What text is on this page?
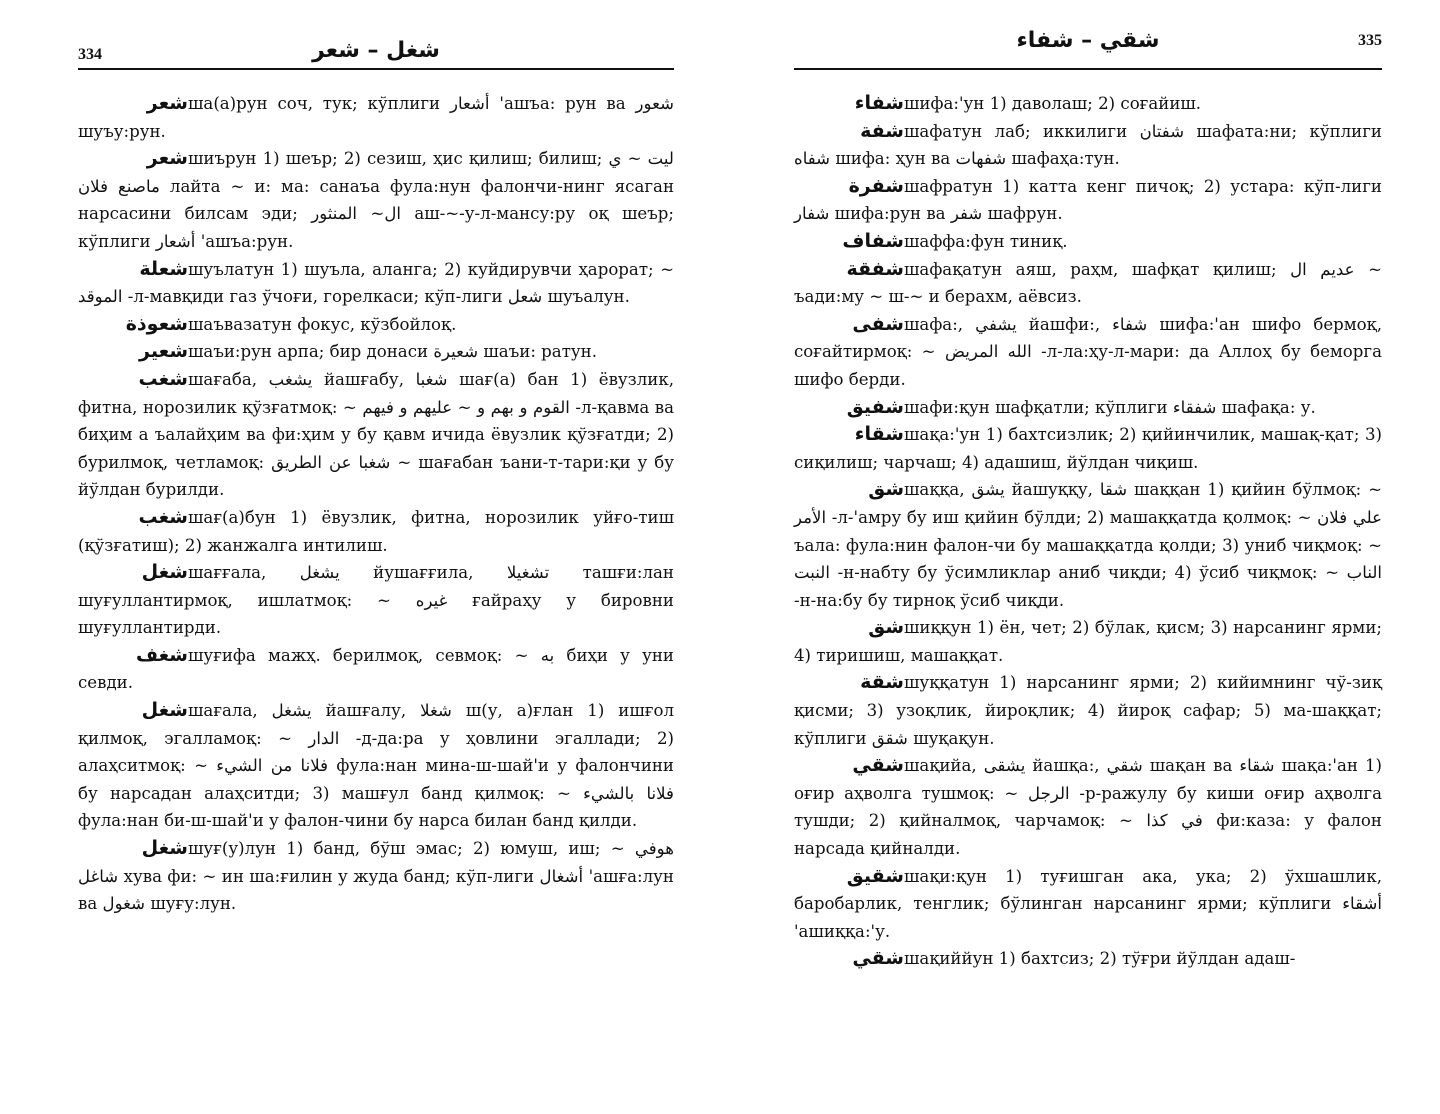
334	شغل – شعر

شعرша(а)рун соч, тук; кўплиги أشعار 'ашъа: рун ва شعور шуъу:рун.

شعرшиърун 1) шеър; 2) сезиш, ҳис қилиш; билиш; ليت ~ ي ماصنع فلان лайта ~ и: ма: санаъа фула:нун фалончи-нинг ясаган нарсасини билсам эди; ال~ المنثور аш-~-у-л-мансу:ру оқ шеър; кўплиги أشعار 'ашъа:рун.

شعلةшуълатун 1) шуъла, аланга; 2) куйдирувчи ҳарорат; ~ الموقد -л-мавқиди газ ўчоғи, горелкаси; кўп-лиги شعل шуъалун.

شعوذةшаъвазатун фокус, кўзбойлоқ.

شعيرшаъи:рун арпа; бир донаси شعيرة шаъи: ратун.

شغبшағаба, يشغب йашғабу, شغبا шағ(а) бан 1) ёвузлик, фитна, норозилик қўзғатмоқ: ~ القوم و بهم و ~ عليهم و فيهم -л-қавма ва биҳим а ъалайҳим ва фи:ҳим у бу қавм ичида ёвузлик қўзғатди; 2) бурилмоқ, четламоқ: شغبا عن الطريق ~ шағабан ъани-т-тари:қи у бу йўлдан бурилди.

شغبшағ(а)бун 1) ёвузлик, фитна, норозилик уйғо-тиш (қўзғатиш); 2) жанжалга интилиш.

شغلшағғала, يشغل йушағғила, تشغيلا ташғи:лан шуғуллантирмоқ, ишлатмоқ: ~ غيره ғайраҳу у бировни шуғуллантирди.

شغفшуғифа мажҳ. берилмоқ, севмоқ: ~ به биҳи у уни севди.

شغلшағала, يشغل йашғалу, شغلا ш(у, а)ғлан 1) ишғол қилмоқ, эгалламоқ: ~ الدار -д-да:ра у ҳовлини эгаллади; 2) алаҳситмоқ: ~ فلانا من الشيء фула:нан мина-ш-шай'и у фалончини бу нарсадан алаҳситди; 3) машғул банд қилмоқ: ~ فلانا بالشيء фула:нан би-ш-шай'и у фалон-чини бу нарса билан банд қилди.

شغلшуғ(у)лун 1) банд, бўш эмас; 2) юмуш, иш; هوفي ~ شاغل хува фи: ~ ин ша:ғилин у жуда банд; кўп-лиги أشغال 'ашға:лун ва شغول шуғу:лун.

شقي – شفاء	335

شفاءшифа:'ун 1) даволаш; 2) соғайиш.

شفةшафатун лаб; иккилиги شفتان шафата:ни; кўплиги شفاه шифа: ҳун ва شفهات шафаҳа:тун.

شفرةшафратун 1) катта кенг пичоқ; 2) устара: кўп-лиги شفار шифа:рун ва شفر шафрун.

شفافшаффа:фун тиниқ.

شفقةшафақатун аяш, раҳм, шафқат қилиш; عديم ال ~ ъади:му ~ ш-~ и берахм, аёвсиз.

شفىшафа:, يشفي йашфи:, شفاء шифа:'ан шифо бермоқ, соғайтирмоқ: ~ الله المريض -л-ла:ҳу-л-мари: да Аллоҳ бу беморга шифо берди.

شفيقшафи:қун шафқатли; кўплиги شفقاء шафақа: у.

شقاءшақа:'ун 1) бахтсизлик; 2) қийинчилик, машақ-қат; 3) сиқилиш; чарчаш; 4) адашиш, йўлдан чиқиш.

شقшаққа, يشق йашуққу, شقا шаққан 1) қийин бўлмоқ: ~ الأمر -л-'амру бу иш қийин бўлди; 2) машаққатда қолмоқ: ~ علي فلان ъала: фула:нин фалон-чи бу машаққатда қолди; 3) униб чиқмоқ: ~ النبت -н-набту бу ўсимликлар аниб чиқди; 4) ўсиб чиқмоқ: ~ الناب -н-на:бу бу тирноқ ўсиб чиқди.

شقшиққун 1) ён, чет; 2) бўлак, қисм; 3) нарсанинг ярми; 4) тиришиш, машаққат.

شقةшуққатун 1) нарсанинг ярми; 2) кийимнинг чў-зиқ қисми; 3) узоқлик, йироқлик; 4) йироқ сафар; 5) ма-шаққат; кўплиги شقق шуқақун.

شقيшақийа, يشقى йашқа:, شقي шақан ва شقاء шақа:'ан 1) оғир аҳволга тушмоқ: ~ الرجل -р-ражулу бу киши оғир аҳволга тушди; 2) қийналмоқ, чарчамоқ: ~ في كذا фи:каза: у фалон нарсада қийналди.

شقيقшақи:қун 1) туғишган ака, ука; 2) ўхшашлик, баробарлик, тенглик; бўлинган нарсанинг ярми; кўплиги أشقاء 'ашиққа:'у.

شقيшақиййун 1) бахтсиз; 2) тўғри йўлдан адаш-
